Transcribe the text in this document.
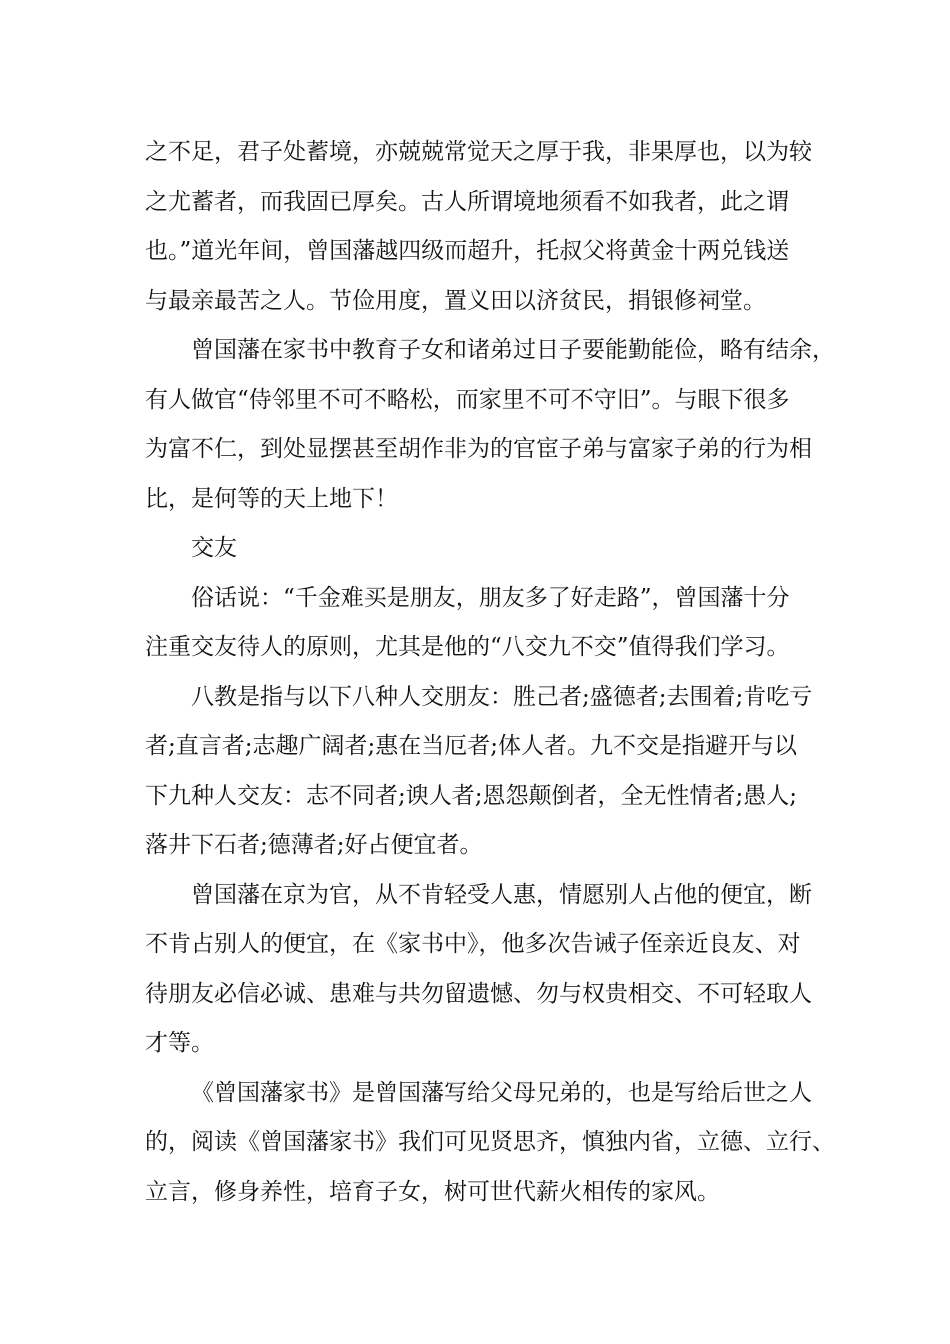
之不足，君子处蓄境，亦兢兢常觉天之厚于我，非果厚也，以为较
之尤蓄者，而我固已厚矣。古人所谓境地须看不如我者，此之谓
也。”道光年间，曾国藩越四级而超升，托叔父将黄金十两兑钱送
与最亲最苦之人。节俭用度，置义田以济贫民，捐银修祠堂。
曾国藩在家书中教育子女和诸弟过日子要能勤能俭，略有结余，
有人做官“侍邻里不可不略松，而家里不可不守旧”。与眼下很多
为富不仁，到处显摆甚至胡作非为的官宦子弟与富家子弟的行为相
比，是何等的天上地下！
交友
俗话说：“千金难买是朋友，朋友多了好走路”，曾国藩十分
注重交友待人的原则，尤其是他的“八交九不交”值得我们学习。
八教是指与以下八种人交朋友：胜己者;盛德者;去围着;肯吃亏
者;直言者;志趣广阔者;惠在当厄者;体人者。九不交是指避开与以
下九种人交友：志不同者;谀人者;恩怨颠倒者，全无性情者;愚人;
落井下石者;德薄者;好占便宜者。
曾国藩在京为官，从不肯轻受人惠，情愿别人占他的便宜，断
不肯占别人的便宜，在《家书中》，他多次告诫子侄亲近良友、对
待朋友必信必诚、患难与共勿留遗憾、勿与权贵相交、不可轻取人
才等。
《曾国藩家书》是曾国藩写给父母兄弟的，也是写给后世之人
的，阅读《曾国藩家书》我们可见贤思齐，慎独内省，立德、立行、
立言，修身养性，培育子女，树可世代薪火相传的家风。
